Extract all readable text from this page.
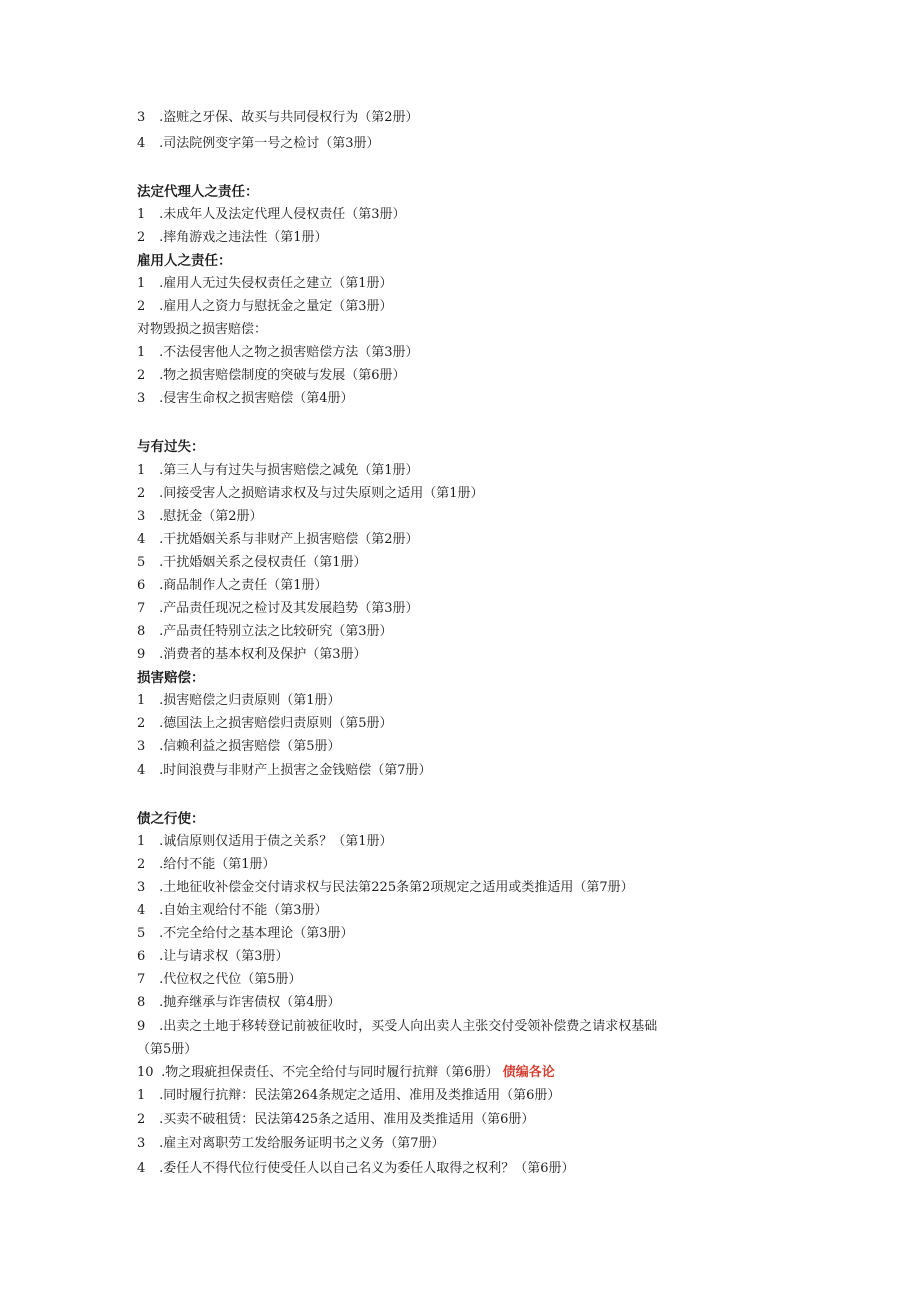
3 .盗赃之牙保、故买与共同侵权行为（第2册）
4 .司法院例变字第一号之检讨（第3册）
法定代理人之责任：
1 .未成年人及法定代理人侵权责任（第3册）
2 .摔角游戏之违法性（第1册）
雇用人之责任：
1 .雇用人无过失侵权责任之建立（第1册）
2 .雇用人之资力与慰抚金之量定（第3册）
对物毁损之损害赔偿：
1 .不法侵害他人之物之损害赔偿方法（第3册）
2 .物之损害赔偿制度的突破与发展（第6册）
3 .侵害生命权之损害赔偿（第4册）
与有过失：
1 .第三人与有过失与损害赔偿之减免（第1册）
2 .间接受害人之损赔请求权及与过失原则之适用（第1册）
3 .慰抚金（第2册）
4 .干扰婚姻关系与非财产上损害赔偿（第2册）
5 .干扰婚姻关系之侵权责任（第1册）
6 .商品制作人之责任（第1册）
7 .产品责任现况之检讨及其发展趋势（第3册）
8 .产品责任特别立法之比较研究（第3册）
9 .消费者的基本权利及保护（第3册）
损害赔偿：
1 .损害赔偿之归责原则（第1册）
2 .德国法上之损害赔偿归责原则（第5册）
3 .信赖利益之损害赔偿（第5册）
4 .时间浪费与非财产上损害之金钱赔偿（第7册）
债之行使：
1 .诚信原则仅适用于债之关系？（第1册）
2 .给付不能（第1册）
3 .土地征收补偿金交付请求权与民法第225条第2项规定之适用或类推适用（第7册）
4 .自始主观给付不能（第3册）
5 .不完全给付之基本理论（第3册）
6 .让与请求权（第3册）
7 .代位权之代位（第5册）
8 .抛弃继承与诈害债权（第4册）
9 .出卖之土地于移转登记前被征收时，买受人向出卖人主张交付受领补偿费之请求权基础
（第5册）
10 .物之瑕疵担保责任、不完全给付与同时履行抗辩（第6册） 债编各论
1 .同时履行抗辩：民法第264条规定之适用、准用及类推适用（第6册）
2 .买卖不破租赁：民法第425条之适用、准用及类推适用（第6册）
3 .雇主对离职劳工发给服务证明书之义务（第7册）
4 .委任人不得代位行使受任人以自己名义为委任人取得之权利？（第6册）
